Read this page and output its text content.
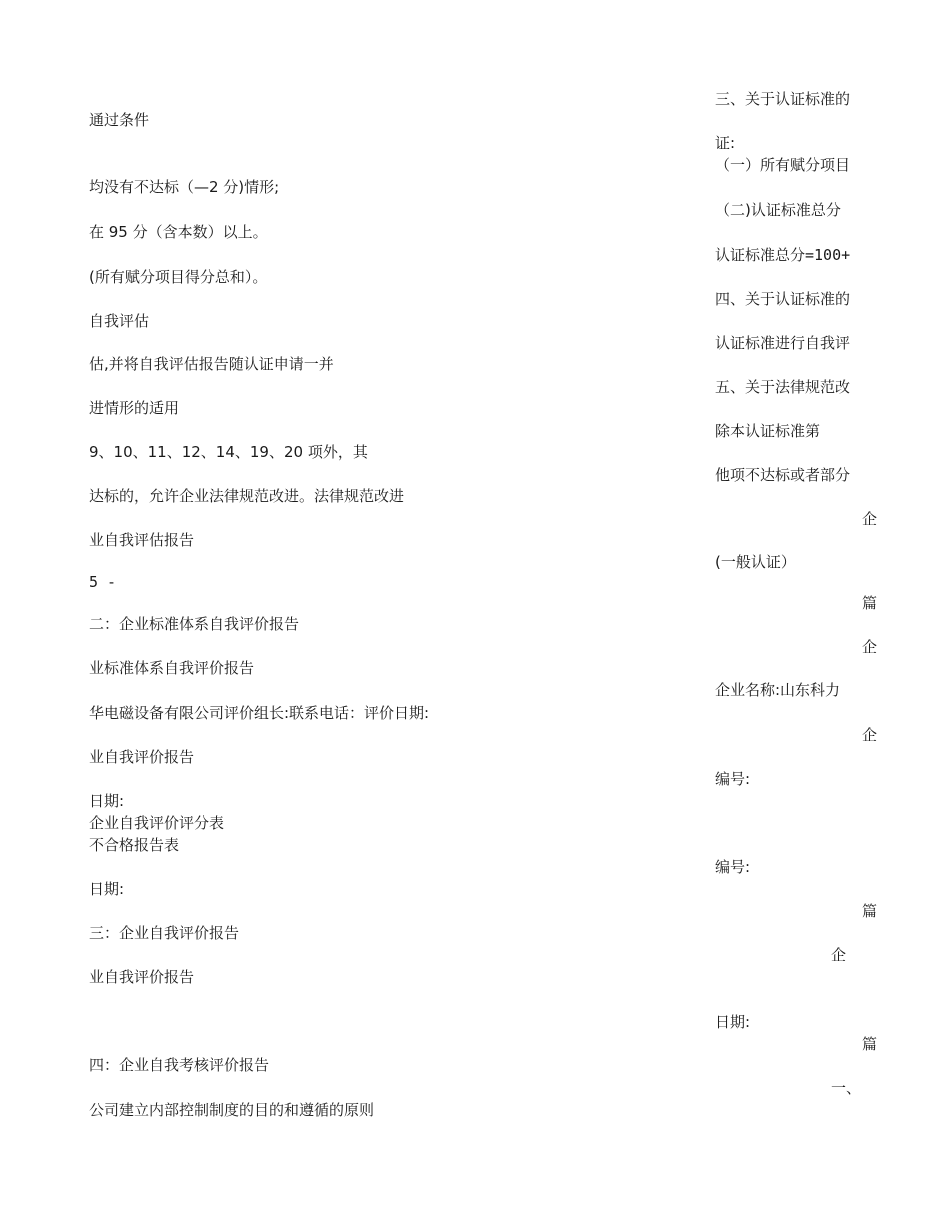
通过条件

均没有不达标（—2 分)情形;

在 95 分（含本数）以上。

(所有赋分项目得分总和）。

自我评估

估,并将自我评估报告随认证申请一并

进情形的适用

9、10、11、12、14、19、20 项外，其

达标的，允许企业法律规范改进。法律规范改进

业自我评估报告

5 -

二：企业标准体系自我评价报告

业标准体系自我评价报告

华电磁设备有限公司评价组长:联系电话：评价日期:

业自我评价报告

日期:

企业自我评价评分表

不合格报告表

日期:

三：企业自我评价报告

业自我评价报告

四：企业自我考核评价报告

公司建立内部控制制度的目的和遵循的原则

三、关于认证标准的

证:

（一）所有赋分项目

（二)认证标准总分

认证标准总分=100+

四、关于认证标准的

认证标准进行自我评

五、关于法律规范改

除本认证标准第

他项不达标或者部分

企

(一般认证）

篇

企

企业名称:山东科力

企

编号:

编号:

篇

企

日期:

篇

一、
